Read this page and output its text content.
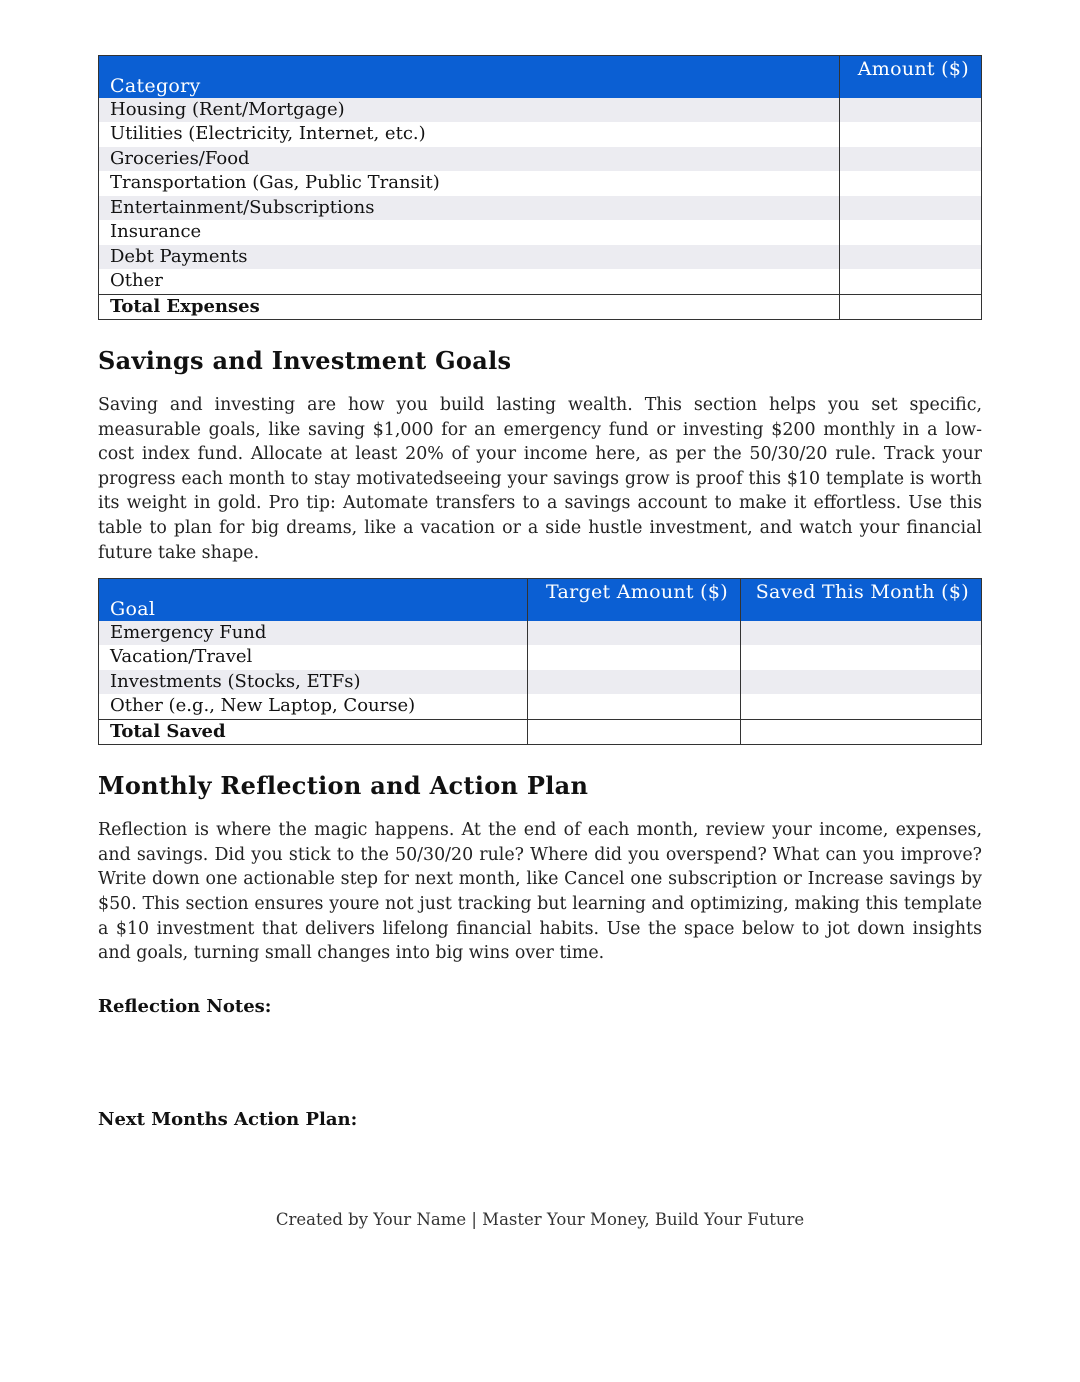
Category	Amount ($)
Housing (Rent/Mortgage)	
Utilities (Electricity, Internet, etc.)	
Groceries/Food	
Transportation (Gas, Public Transit)	
Entertainment/Subscriptions	
Insurance	
Debt Payments	
Other	
Total Expenses	
Savings and Investment Goals

Saving and investing are how you build lasting wealth. This section helps you set specific, measurable goals, like saving $1,000 for an emergency fund or investing $200 monthly in a low-cost index fund. Allocate at least 20% of your income here, as per the 50/30/20 rule. Track your progress each month to stay motivatedseeing your savings grow is proof this $10 template is worth its weight in gold. Pro tip: Automate transfers to a savings account to make it effortless. Use this table to plan for big dreams, like a vacation or a side hustle investment, and watch your financial future take shape.

Goal	Target Amount ($)	Saved This Month ($)
Emergency Fund		
Vacation/Travel		
Investments (Stocks, ETFs)		
Other (e.g., New Laptop, Course)		
Total Saved		
Monthly Reflection and Action Plan

Reflection is where the magic happens. At the end of each month, review your income, expenses, and savings. Did you stick to the 50/30/20 rule? Where did you overspend? What can you improve? Write down one actionable step for next month, like Cancel one subscription or Increase savings by $50. This section ensures youre not just tracking but learning and optimizing, making this template a $10 investment that delivers lifelong financial habits. Use the space below to jot down insights and goals, turning small changes into big wins over time.

Reflection Notes:

Next Months Action Plan:

Created by Your Name | Master Your Money, Build Your Future
